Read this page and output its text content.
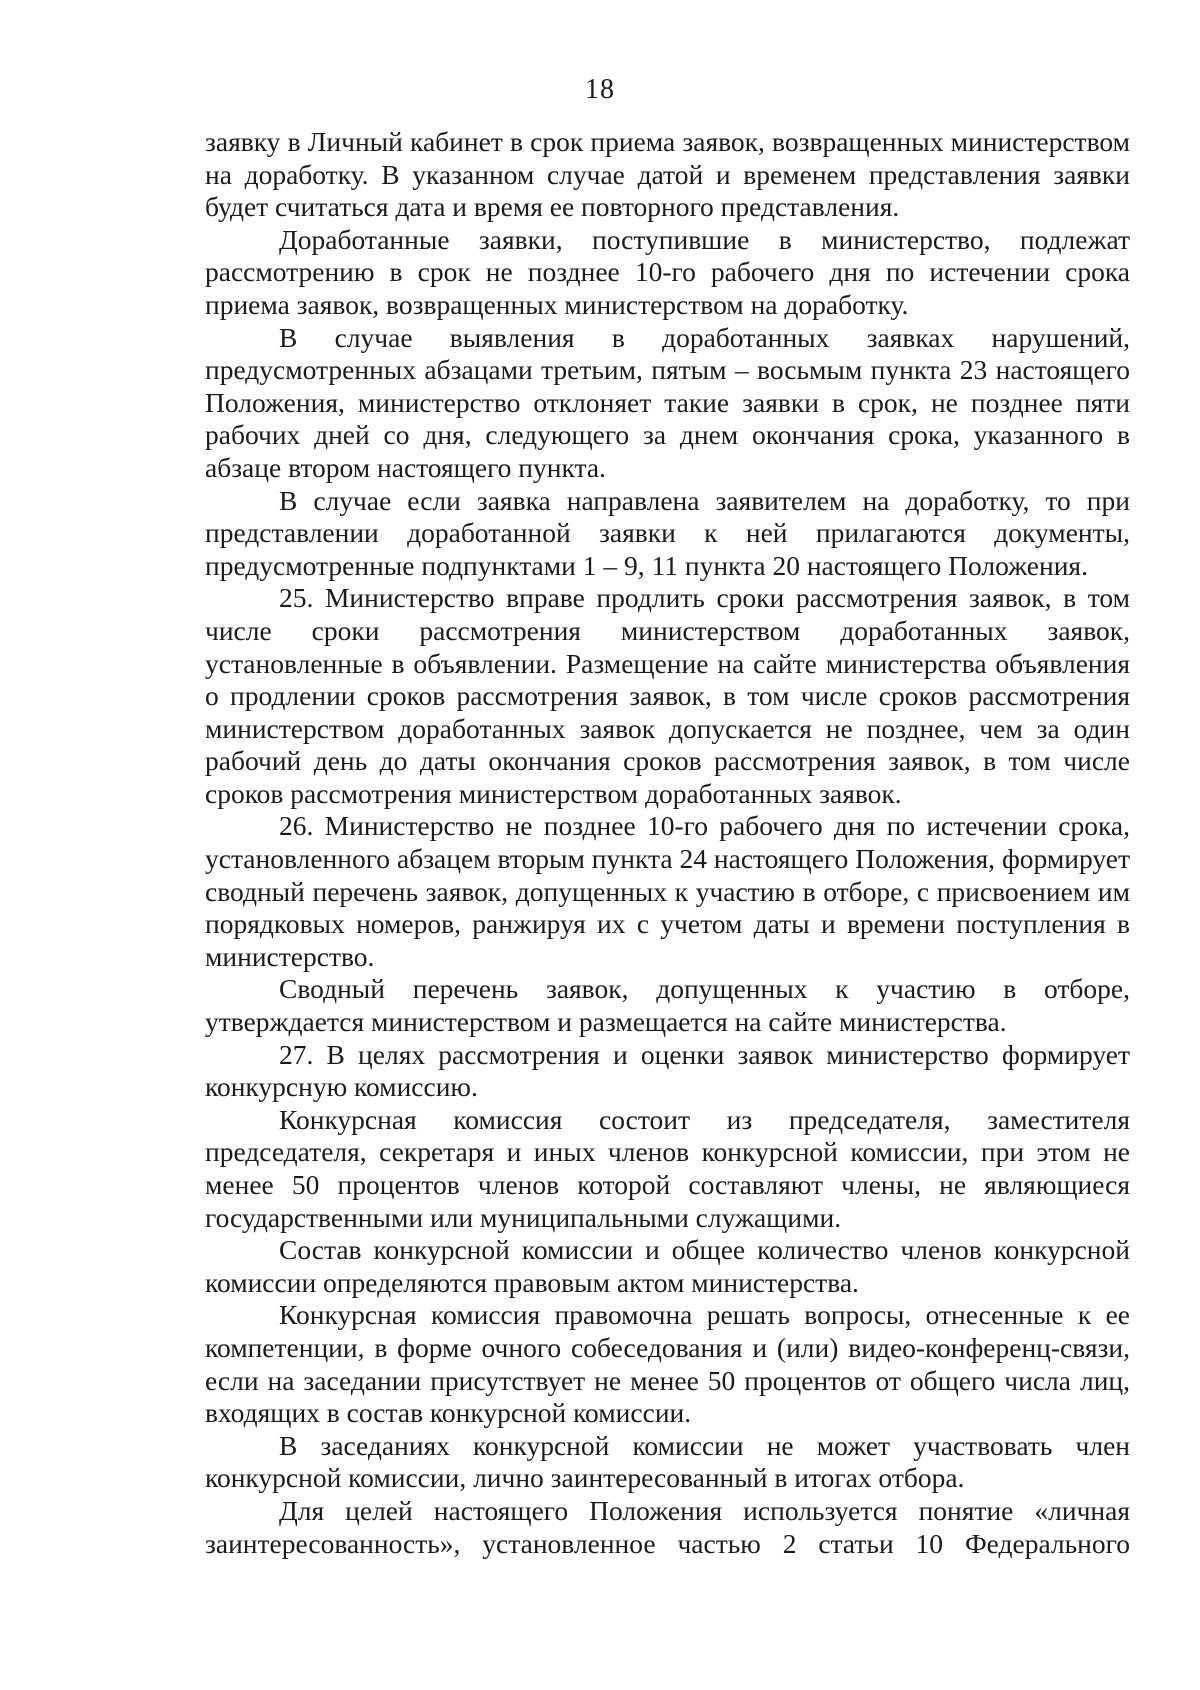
18

заявку в Личный кабинет в срок приема заявок, возвращенных министерством на доработку. В указанном случае датой и временем представления заявки будет считаться дата и время ее повторного представления.

Доработанные заявки, поступившие в министерство, подлежат рассмотрению в срок не позднее 10-го рабочего дня по истечении срока приема заявок, возвращенных министерством на доработку.

В случае выявления в доработанных заявках нарушений, предусмотренных абзацами третьим, пятым – восьмым пункта 23 настоящего Положения, министерство отклоняет такие заявки в срок, не позднее пяти рабочих дней со дня, следующего за днем окончания срока, указанного в абзаце втором настоящего пункта.

В случае если заявка направлена заявителем на доработку, то при представлении доработанной заявки к ней прилагаются документы, предусмотренные подпунктами 1 – 9, 11 пункта 20 настоящего Положения.

25. Министерство вправе продлить сроки рассмотрения заявок, в том числе сроки рассмотрения министерством доработанных заявок, установленные в объявлении. Размещение на сайте министерства объявления о продлении сроков рассмотрения заявок, в том числе сроков рассмотрения министерством доработанных заявок допускается не позднее, чем за один рабочий день до даты окончания сроков рассмотрения заявок, в том числе сроков рассмотрения министерством доработанных заявок.

26. Министерство не позднее 10-го рабочего дня по истечении срока, установленного абзацем вторым пункта 24 настоящего Положения, формирует сводный перечень заявок, допущенных к участию в отборе, с присвоением им порядковых номеров, ранжируя их с учетом даты и времени поступления в министерство.

Сводный перечень заявок, допущенных к участию в отборе, утверждается министерством и размещается на сайте министерства.

27. В целях рассмотрения и оценки заявок министерство формирует конкурсную комиссию.

Конкурсная комиссия состоит из председателя, заместителя председателя, секретаря и иных членов конкурсной комиссии, при этом не менее 50 процентов членов которой составляют члены, не являющиеся государственными или муниципальными служащими.

Состав конкурсной комиссии и общее количество членов конкурсной комиссии определяются правовым актом министерства.

Конкурсная комиссия правомочна решать вопросы, отнесенные к ее компетенции, в форме очного собеседования и (или) видео-конференц-связи, если на заседании присутствует не менее 50 процентов от общего числа лиц, входящих в состав конкурсной комиссии.

В заседаниях конкурсной комиссии не может участвовать член конкурсной комиссии, лично заинтересованный в итогах отбора.

Для целей настоящего Положения используется понятие «личная заинтересованность», установленное частью 2 статьи 10 Федерального
